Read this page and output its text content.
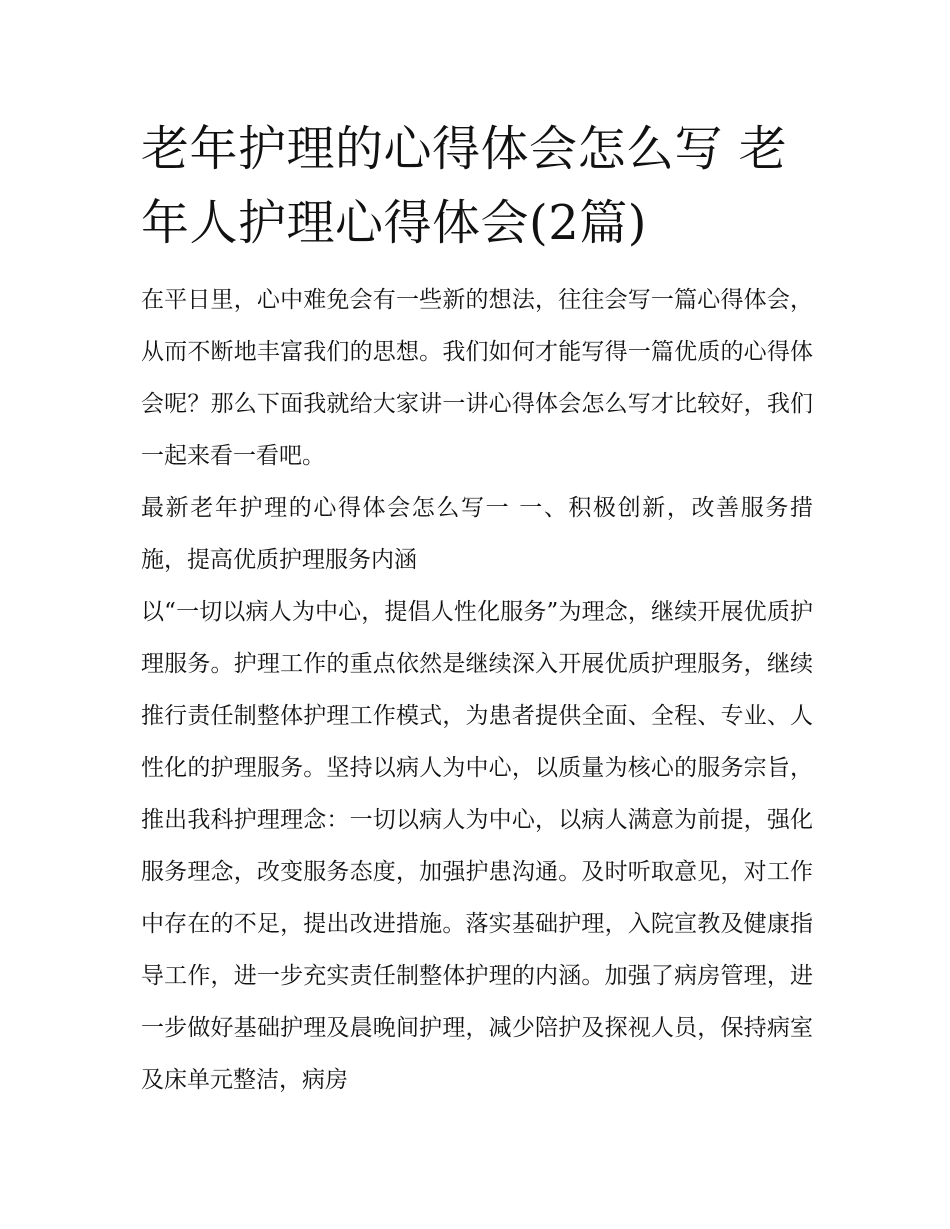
老年护理的心得体会怎么写 老年人护理心得体会(2篇)

在平日里，心中难免会有一些新的想法，往往会写一篇心得体会，从而不断地丰富我们的思想。我们如何才能写得一篇优质的心得体会呢？那么下面我就给大家讲一讲心得体会怎么写才比较好，我们一起来看一看吧。

最新老年护理的心得体会怎么写一 一、积极创新，改善服务措施，提高优质护理服务内涵

以“一切以病人为中心，提倡人性化服务”为理念，继续开展优质护理服务。护理工作的重点依然是继续深入开展优质护理服务，继续推行责任制整体护理工作模式，为患者提供全面、全程、专业、人性化的护理服务。坚持以病人为中心，以质量为核心的服务宗旨，推出我科护理理念：一切以病人为中心，以病人满意为前提，强化服务理念，改变服务态度，加强护患沟通。及时听取意见，对工作中存在的不足，提出改进措施。落实基础护理，入院宣教及健康指导工作，进一步充实责任制整体护理的内涵。加强了病房管理，进一步做好基础护理及晨晚间护理，减少陪护及探视人员，保持病室及床单元整洁，病房
